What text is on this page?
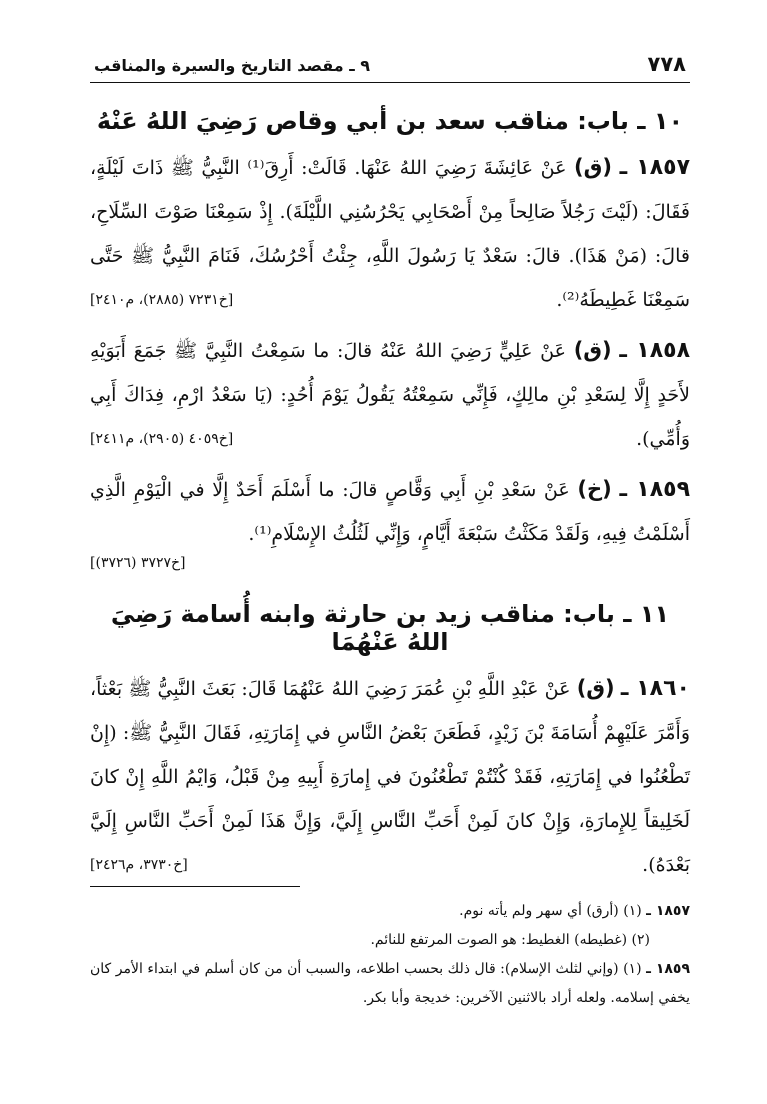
٧٧٨
٩ ـ مقصد التاريخ والسيرة والمناقب
١٠ ـ باب: مناقب سعد بن أبي وقاص رَضِيَ اللهُ عَنْهُ

١٨٥٧ ـ (ق) عَنْ عَائِشَةَ رَضِيَ اللهُ عَنْهَا. قَالَتْ: أَرِقَ⁽¹⁾ النَّبِيُّ ﷺ ذَاتَ لَيْلَةٍ، فَقَالَ: (لَيْتَ رَجُلاً صَالِحاً مِنْ أَصْحَابِي يَحْرُسُنِي اللَّيْلَةَ). إِذْ سَمِعْنَا صَوْتَ السِّلَاحِ، قالَ: (مَنْ هَذَا). قالَ: سَعْدٌ يَا رَسُولَ اللَّهِ، جِئْتُ أَحْرُسُكَ، فَنَامَ النَّبِيُّ ﷺ حَتَّى سَمِعْنَا غَطِيطَهُ⁽²⁾.
[خ٧٢٣١ (٢٨٨٥)، م٢٤١٠]

١٨٥٨ ـ (ق) عَنْ عَلِيٍّ رَضِيَ اللهُ عَنْهُ قالَ: ما سَمِعْتُ النَّبِيَّ ﷺ جَمَعَ أَبَوَيْهِ لأَحَدٍ إِلَّا لِسَعْدِ بْنِ مالِكٍ، فَإِنِّي سَمِعْتُهُ يَقُولُ يَوْمَ أُحُدٍ: (يَا سَعْدُ ارْمِ، فِدَاكَ أَبِي وَأُمِّي).
[خ٤٠٥٩ (٢٩٠٥)، م٢٤١١]

١٨٥٩ ـ (خ) عَنْ سَعْدِ بْنِ أَبِي وَقَّاصٍ قالَ: ما أَسْلَمَ أَحَدٌ إِلَّا في الْيَوْمِ الَّذِي أَسْلَمْتُ فِيهِ، وَلَقَدْ مَكَثْتُ سَبْعَةَ أَيَّامٍ، وَإِنِّي لَثُلُثُ الإِسْلَامِ⁽¹⁾.

[خ٣٧٢٧ (٣٧٢٦)]
١١ ـ باب: مناقب زيد بن حارثة وابنه أُسامة رَضِيَ اللهُ عَنْهُمَا

١٨٦٠ ـ (ق) عَنْ عَبْدِ اللَّهِ بْنِ عُمَرَ رَضِيَ اللهُ عَنْهُمَا قَالَ: بَعَثَ النَّبِيُّ ﷺ بَعْثاً، وَأَمَّرَ عَلَيْهِمْ أُسَامَةَ بْنَ زَيْدٍ، فَطَعَنَ بَعْضُ النَّاسِ في إِمَارَتِهِ، فَقَالَ النَّبِيُّ ﷺ: (إِنْ تَطْعُنُوا في إِمَارَتِهِ، فَقَدْ كُنْتُمْ تَطْعُنُونَ في إِمارَةِ أَبِيهِ مِنْ قَبْلُ، وَايْمُ اللَّهِ إِنْ كانَ لَخَلِيقاً لِلإِمارَةِ، وَإِنْ كانَ لَمِنْ أَحَبِّ النَّاسِ إِلَيَّ، وَإِنَّ هَذَا لَمِنْ أَحَبِّ النَّاسِ إِلَيَّ بَعْدَهُ).
[خ٣٧٣٠، م٢٤٢٦]

١٨٥٧ ـ (١) (أرق) أي سهر ولم يأته نوم.

(٢) (غطيطه) الغطيط: هو الصوت المرتفع للنائم.

١٨٥٩ ـ (١) (وإني لثلث الإسلام): قال ذلك بحسب اطلاعه، والسبب أن من كان أسلم في ابتداء الأمر كان يخفي إسلامه. ولعله أراد بالاثنين الآخرين: خديجة وأبا بكر.
